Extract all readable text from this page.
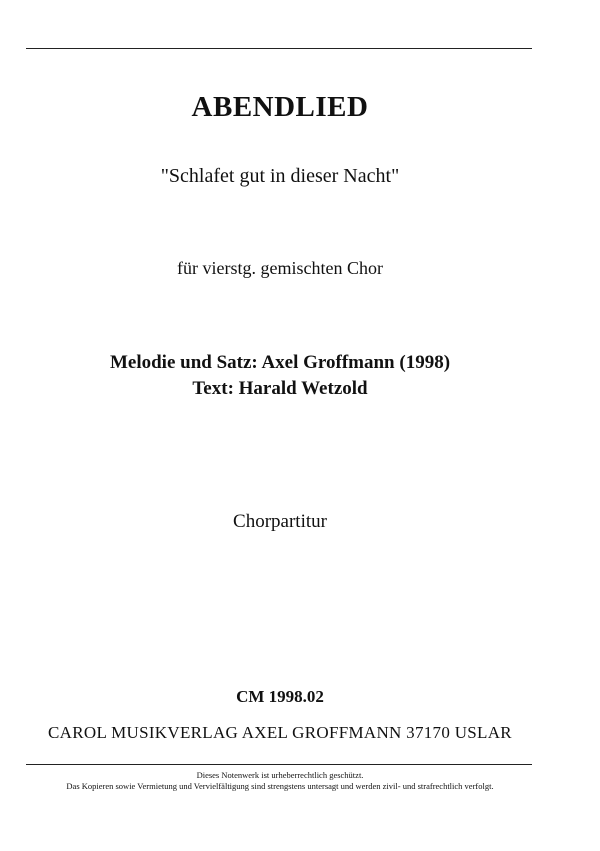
ABENDLIED
"Schlafet gut in dieser Nacht"
für vierstg. gemischten Chor
Melodie und Satz: Axel Groffmann (1998)
Text: Harald Wetzold
Chorpartitur
CM 1998.02
CAROL MUSIKVERLAG AXEL GROFFMANN 37170 USLAR
Dieses Notenwerk ist urheberrechtlich geschützt.
Das Kopieren sowie Vermietung und Vervielfältigung sind strengstens untersagt und werden zivil- und strafrechtlich verfolgt.
